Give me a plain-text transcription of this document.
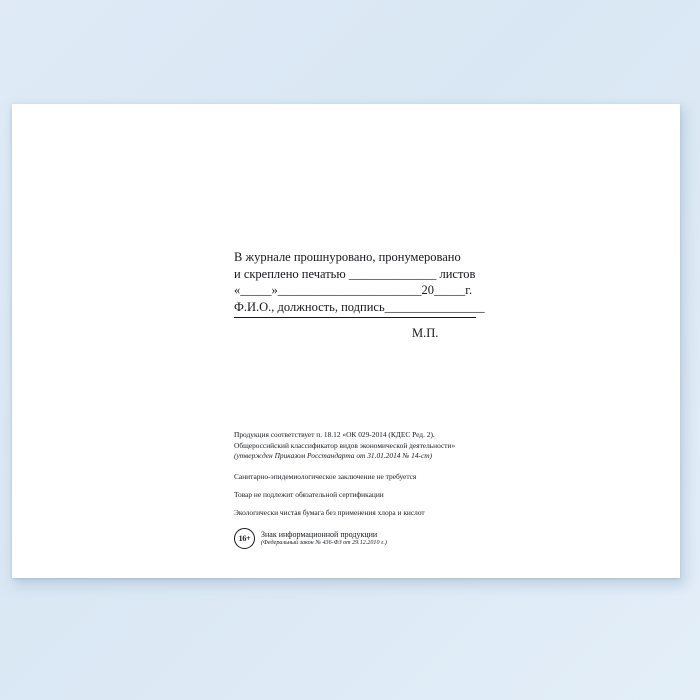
В журнале прошнуровано, пронумеровано
и скреплено печатью ______________ листов
«_____»_______________________20_____г.
Ф.И.О., должность, подпись________________
М.П.
Продукция соответствует п. 18.12 «ОК 029-2014 (КДЕС Ред. 2).
Общероссийский классификатор видов экономической деятельности»
(утвержден Приказом Росстандарта от 31.01.2014 № 14-ст)
Санитарно-эпидемиологическое заключение не требуется
Товар не подлежит обязательной сертификации
Экологически чистая бумага без применения хлора и кислот
16+	Знак информационной продукции
(Федеральный закон № 436-ФЗ от 29.12.2010 г.)
